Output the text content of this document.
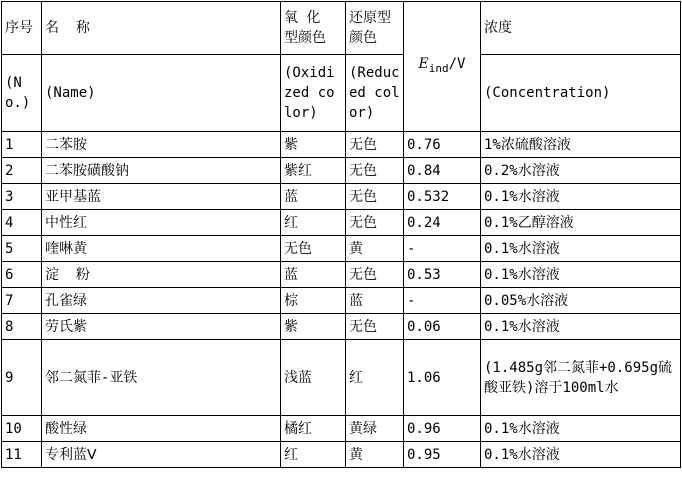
序号	名  称	氧 化 型颜色	还原型颜色	$E_{ind}/V$	浓度
(No.)	(Name)	(Oxidized color)	(Reduced color)		(Concentration)
1	二苯胺	紫	无色	0.76	1%浓硫酸溶液
2	二苯胺磺酸钠	紫红	无色	0.84	0.2%水溶液
3	亚甲基蓝	蓝	无色	0.532	0.1%水溶液
4	中性红	红	无色	0.24	0.1%乙醇溶液
5	喹啉黄	无色	黄	-	0.1%水溶液
6	淀  粉	蓝	无色	0.53	0.1%水溶液
7	孔雀绿	棕	蓝	-	0.05%水溶液
8	劳氏紫	紫	无色	0.06	0.1%水溶液
9	邻二氮菲-亚铁	浅蓝	红	1.06	(1.485g邻二氮菲+0.695g硫酸亚铁)溶于100ml水
10	酸性绿	橘红	黄绿	0.96	0.1%水溶液
11	专利蓝Ⅴ	红	黄	0.95	0.1%水溶液
